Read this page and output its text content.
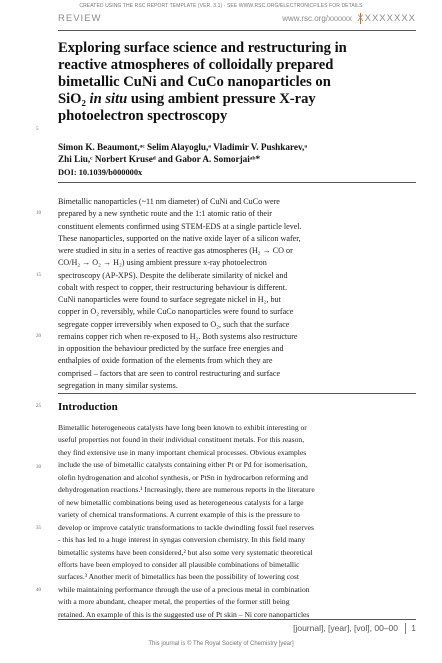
CREATED USING THE RSC REPORT TEMPLATE (VER. 3.1) - SEE WWW.RSC.ORG/ELECTRONICFILES FOR DETAILS
REVIEW	www.rsc.org/xxxxxx XXXXXXXX
Exploring surface science and restructuring in
reactive atmospheres of colloidally prepared
bimetallic CuNi and CuCo nanoparticles on
SiO₂ in situ using ambient pressure X-ray
photoelectron spectroscopy
5
10
15
20
25
30
35
40
Simon K. Beaumont,ᵃᶜ Selim Alayoglu,ᵃ Vladimir V. Pushkarev,ᵃ
Zhi Liu,ᶜ Norbert Kruseᵈ and Gabor A. Somorjaiᵃᵇ*
DOI: 10.1039/b000000x
Bimetallic nanoparticles (~11 nm diameter) of CuNi and CuCo were
prepared by a new synthetic route and the 1:1 atomic ratio of their
constituent elements confirmed using STEM-EDS at a single particle level.
These nanoparticles, supported on the native oxide layer of a silicon wafer,
were studied in situ in a series of reactive gas atmospheres (H₂ → CO or
CO/H₂ → O₂ → H₂) using ambient pressure x-ray photoelectron
spectroscopy (AP-XPS). Despite the deliberate similarity of nickel and
cobalt with respect to copper, their restructuring behaviour is different.
CuNi nanoparticles were found to surface segregate nickel in H₂, but
copper in O₂ reversibly, while CuCo nanoparticles were found to surface
segregate copper irreversibly when exposed to O₂, such that the surface
remains copper rich when re-exposed to H₂. Both systems also restructure
in opposition the behaviour predicted by the surface free energies and
enthalpies of oxide formation of the elements from which they are
comprised – factors that are seen to control restructuring and surface
segregation in many similar systems.
Introduction
Bimetallic heterogeneous catalysts have long been known to exhibit interesting or
useful properties not found in their individual constituent metals. For this reason,
they find extensive use in many important chemical processes. Obvious examples
include the use of bimetallic catalysts containing either Pt or Pd for isomerisation,
olefin hydrogenation and alcohol synthesis, or PtSn in hydrocarbon reforming and
dehydrogenation reactions.¹ Increasingly, there are numerous reports in the literature
of new bimetallic combinations being used as heterogeneous catalysts for a large
variety of chemical transformations. A current example of this is the pressure to
develop or improve catalytic transformations to tackle dwindling fossil fuel reserves
- this has led to a huge interest in syngas conversion chemistry. In this field many
bimetallic systems have been considered,² but also some very systematic theoretical
efforts have been employed to consider all plausible combinations of bimetallic
surfaces.³ Another merit of bimetallics has been the possibility of lowering cost
while maintaining performance through the use of a precious metal in combination
with a more abundant, cheaper metal, the properties of the former still being
retained. An example of this is the suggested use of Pt skin – Ni core nanoparticles
[journal], [year], [vol], 00–00 1
This journal is © The Royal Society of Chemistry [year]
